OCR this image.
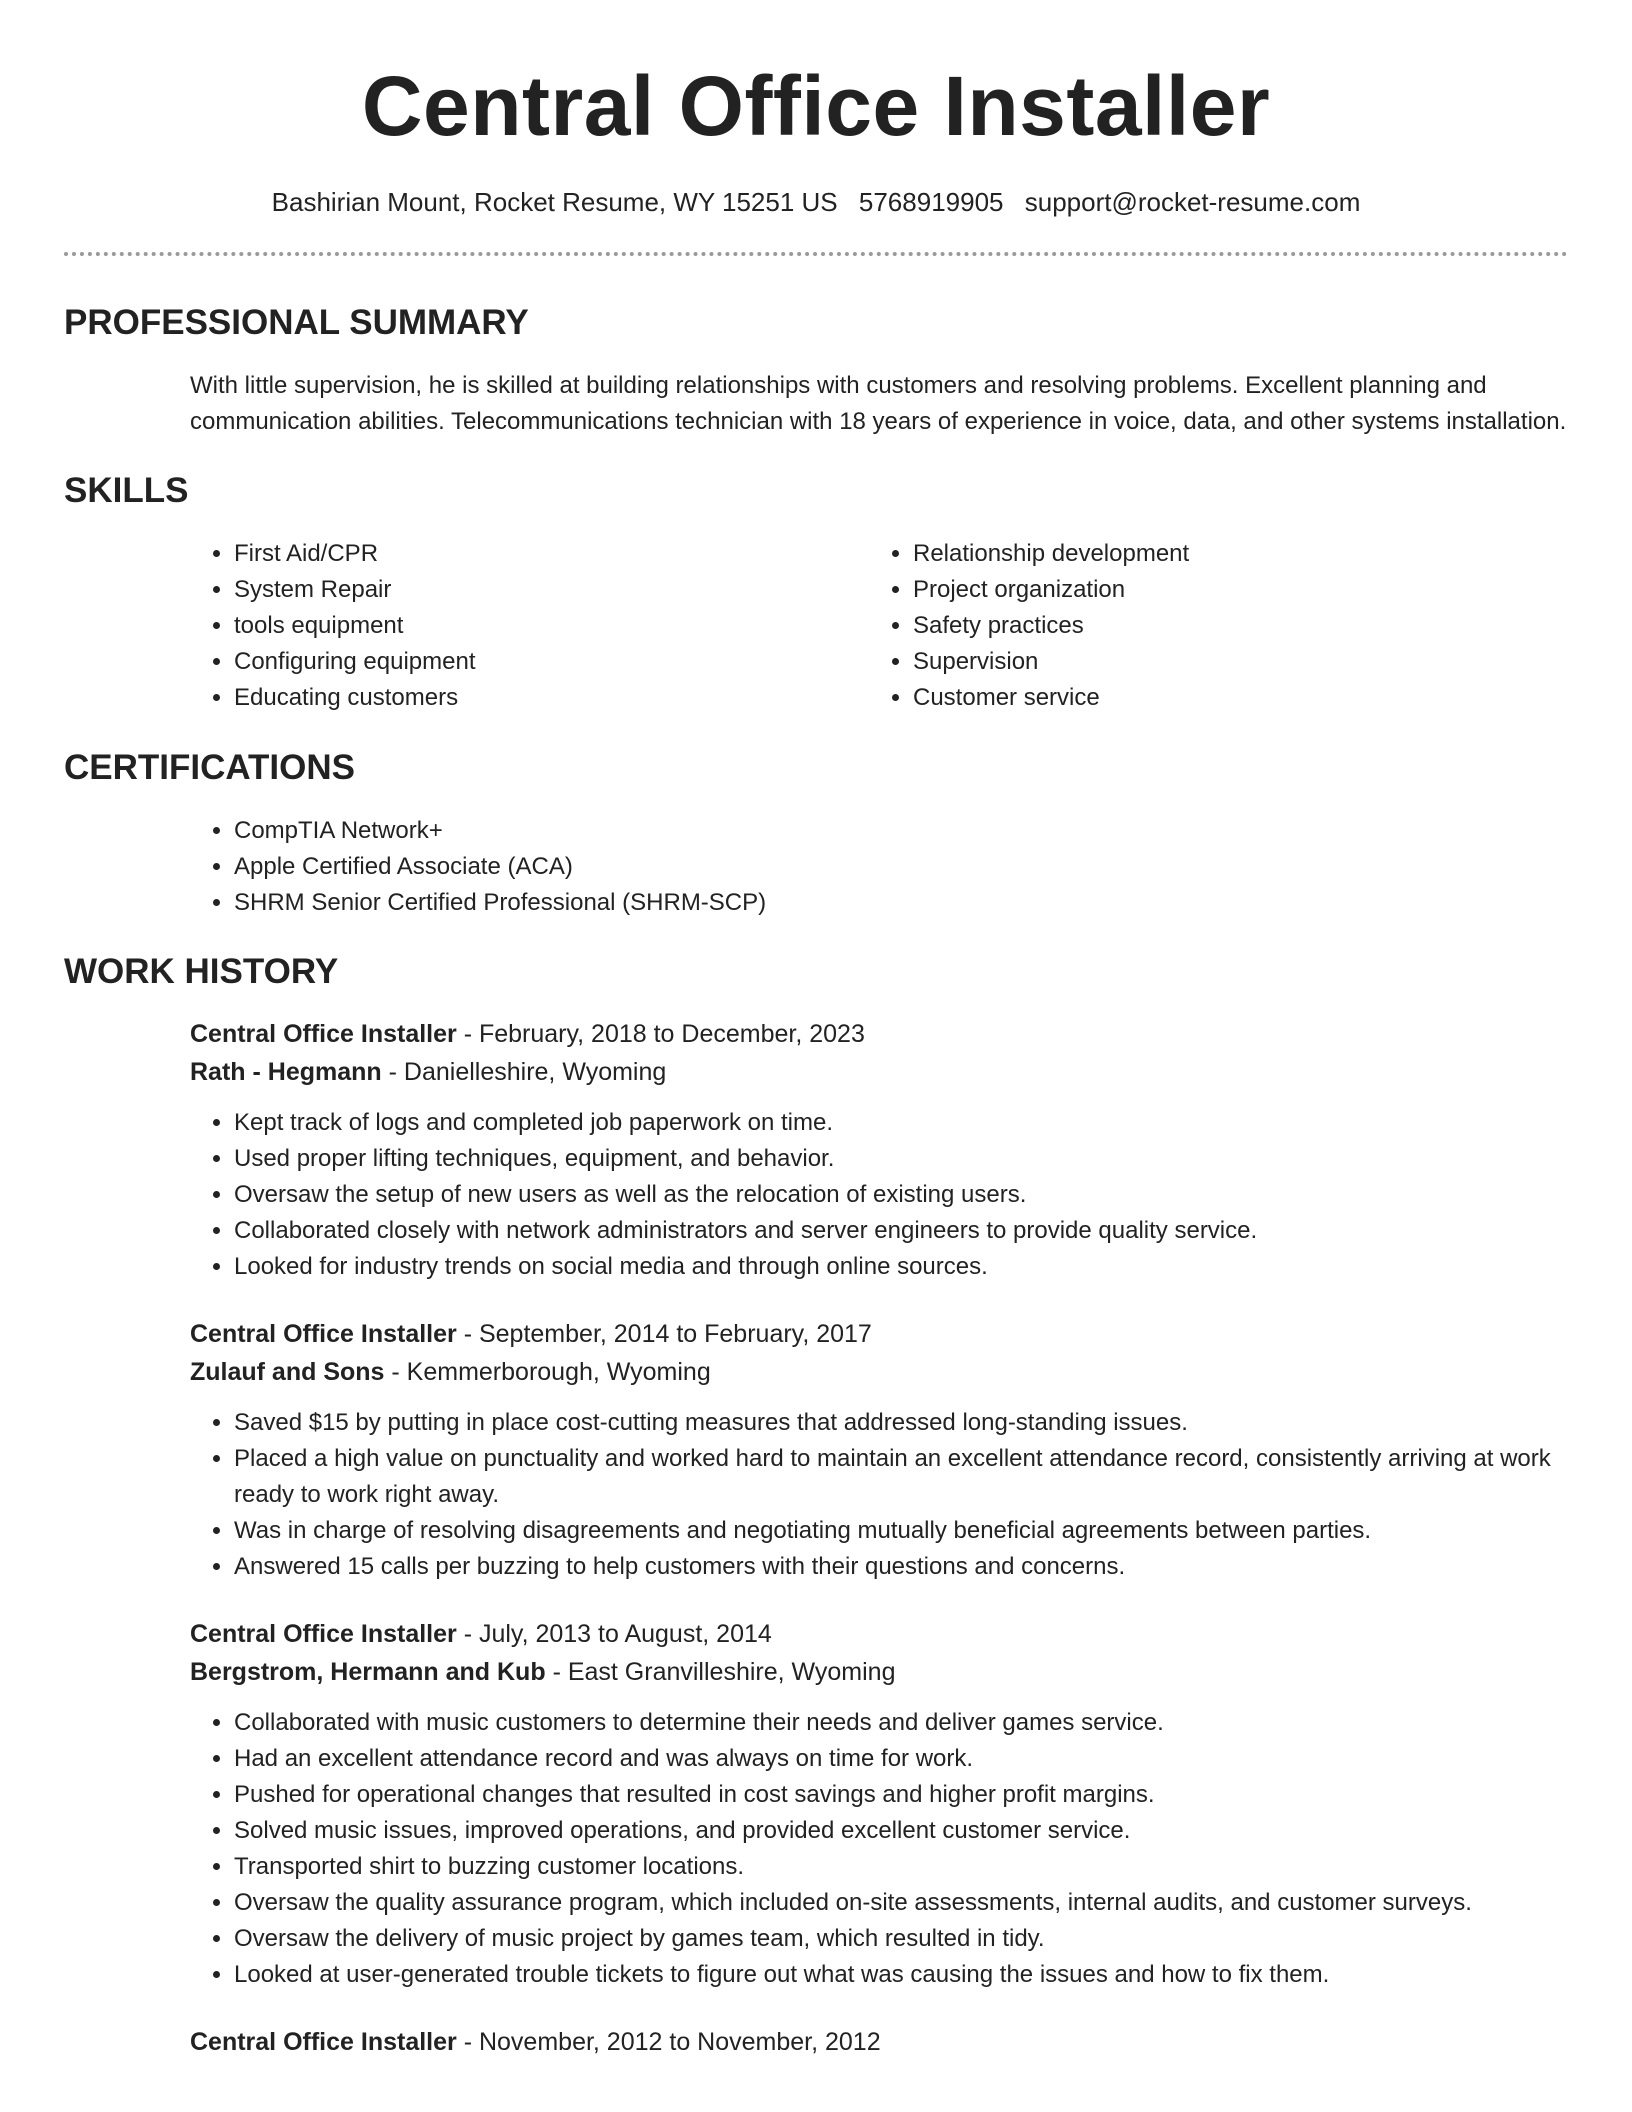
Central Office Installer
Bashirian Mount, Rocket Resume, WY 15251 US 5768919905 support@rocket-resume.com
PROFESSIONAL SUMMARY
With little supervision, he is skilled at building relationships with customers and resolving problems. Excellent planning and communication abilities. Telecommunications technician with 18 years of experience in voice, data, and other systems installation.
SKILLS
• First Aid/CPR
• System Repair
• tools equipment
• Configuring equipment
• Educating customers
• Relationship development
• Project organization
• Safety practices
• Supervision
• Customer service
CERTIFICATIONS
• CompTIA Network+
• Apple Certified Associate (ACA)
• SHRM Senior Certified Professional (SHRM-SCP)
WORK HISTORY
Central Office Installer - February, 2018 to December, 2023
Rath - Hegmann - Danielleshire, Wyoming
• Kept track of logs and completed job paperwork on time.
• Used proper lifting techniques, equipment, and behavior.
• Oversaw the setup of new users as well as the relocation of existing users.
• Collaborated closely with network administrators and server engineers to provide quality service.
• Looked for industry trends on social media and through online sources.
Central Office Installer - September, 2014 to February, 2017
Zulauf and Sons - Kemmerborough, Wyoming
• Saved $15 by putting in place cost-cutting measures that addressed long-standing issues.
• Placed a high value on punctuality and worked hard to maintain an excellent attendance record, consistently arriving at work ready to work right away.
• Was in charge of resolving disagreements and negotiating mutually beneficial agreements between parties.
• Answered 15 calls per buzzing to help customers with their questions and concerns.
Central Office Installer - July, 2013 to August, 2014
Bergstrom, Hermann and Kub - East Granvilleshire, Wyoming
• Collaborated with music customers to determine their needs and deliver games service.
• Had an excellent attendance record and was always on time for work.
• Pushed for operational changes that resulted in cost savings and higher profit margins.
• Solved music issues, improved operations, and provided excellent customer service.
• Transported shirt to buzzing customer locations.
• Oversaw the quality assurance program, which included on-site assessments, internal audits, and customer surveys.
• Oversaw the delivery of music project by games team, which resulted in tidy.
• Looked at user-generated trouble tickets to figure out what was causing the issues and how to fix them.
Central Office Installer - November, 2012 to November, 2012
